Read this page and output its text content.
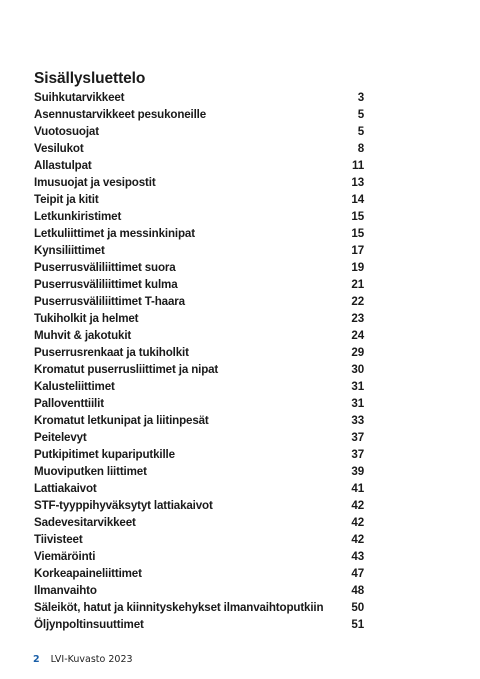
Sisällysluettelo
Suihkutarvikkeet	3
Asennustarvikkeet pesukoneille	5
Vuotosuojat	5
Vesilukot	8
Allastulpat	11
Imusuojat ja vesipostit	13
Teipit ja kitit	14
Letkunkiristimet	15
Letkuliittimet ja messinkinipat	15
Kynsiliittimet	17
Puserrusväliliittimet suora	19
Puserrusväliliittimet kulma	21
Puserrusväliliittimet T-haara	22
Tukiholkit ja helmet	23
Muhvit & jakotukit	24
Puserrusrenkaat ja tukiholkit	29
Kromatut puserrusliittimet ja nipat	30
Kalusteliittimet	31
Palloventtiilit	31
Kromatut letkunipat ja liitinpesät	33
Peitelevyt	37
Putkipitimet kupariputkille	37
Muoviputken liittimet	39
Lattiakaivot	41
STF-tyyppihyväksytyt lattiakaivot	42
Sadevesitarvikkeet	42
Tiivisteet	42
Viemäröinti	43
Korkeapaineliittimet	47
Ilmanvaihto	48
Säleiköt, hatut ja kiinnityskehykset ilmanvaihtoputkiin	50
Öljynpoltinsuuttimet	51
2 LVI-Kuvasto 2023
